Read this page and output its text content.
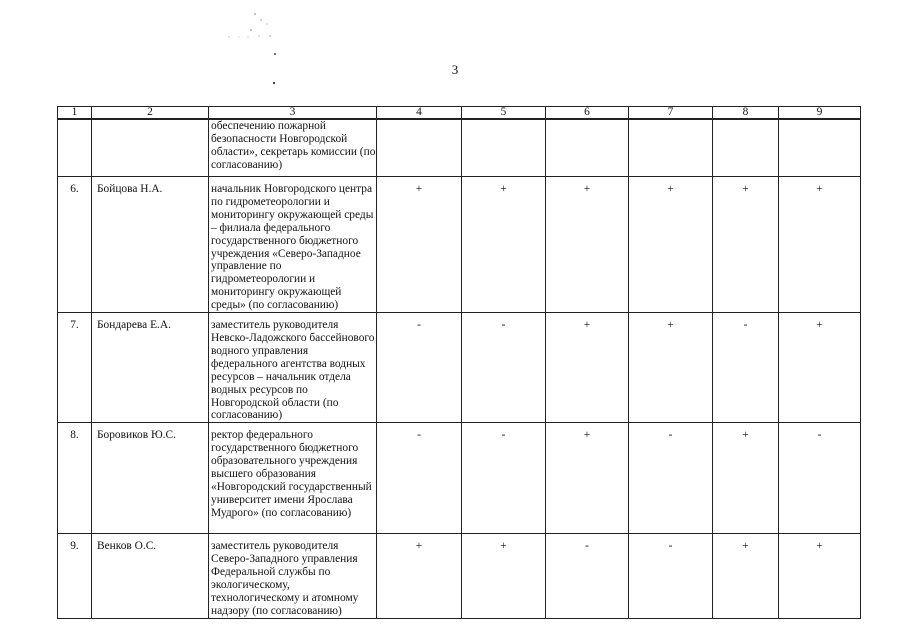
3
1	2	3	4	5	6	7	8	9
		обеспечению пожарной безопасности Новгородской области», секретарь комиссии (по согласованию)						
6.	Бойцова Н.А.	начальник Новгородского центра по гидрометеорологии и мониторингу окружающей среды – филиала федерального государственного бюджетного учреждения «Северо-Западное управление по гидрометеорологии и мониторингу окружающей среды» (по согласованию)	+	+	+	+	+	+
7.	Бондарева Е.А.	заместитель руководителя Невско-Ладожского бассейнового водного управления федерального агентства водных ресурсов – начальник отдела водных ресурсов по Новгородской области (по согласованию)	-	-	+	+	-	+
8.	Боровиков Ю.С.	ректор федерального государственного бюджетного образовательного учреждения высшего образования «Новгородский государственный университет имени Ярослава Мудрого» (по согласованию)	-	-	+	-	+	-
9.	Венков О.С.	заместитель руководителя Северо-Западного управления Федеральной службы по экологическому, технологическому и атомному надзору (по согласованию)	+	+	-	-	+	+
